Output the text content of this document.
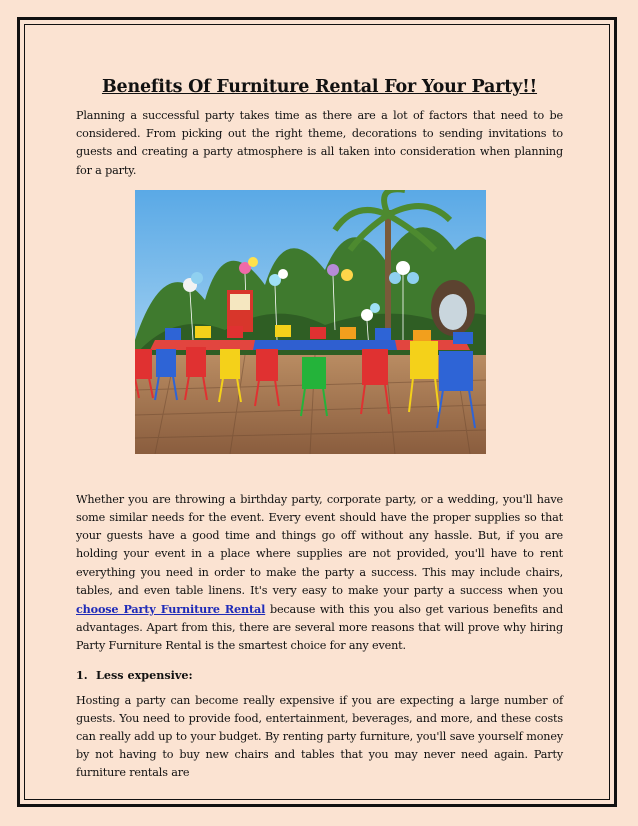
Benefits Of Furniture Rental For Your Party!!

Planning a successful party takes time as there are a lot of factors that need to be considered. From picking out the right theme, decorations to sending invitations to guests and creating a party atmosphere is all taken into consideration when planning for a party.

Whether you are throwing a birthday party, corporate party, or a wedding, you'll have some similar needs for the event. Every event should have the proper supplies so that your guests have a good time and things go off without any hassle. But, if you are holding your event in a place where supplies are not provided, you'll have to rent everything you need in order to make the party a success. This may include chairs, tables, and even table linens. It's very easy to make your party a success when you choose Party Furniture Rental because with this you also get various benefits and advantages. Apart from this, there are several more reasons that will prove why hiring Party Furniture Rental is the smartest choice for any event.

1. Less expensive:

Hosting a party can become really expensive if you are expecting a large number of guests. You need to provide food, entertainment, beverages, and more, and these costs can really add up to your budget. By renting party furniture, you'll save yourself money by not having to buy new chairs and tables that you may never need again. Party furniture rentals are
